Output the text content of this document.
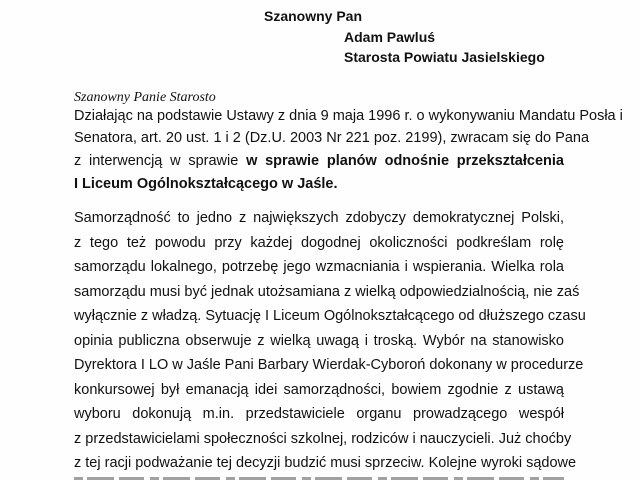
Szanowny Pan
Adam Pawluś
Starosta Powiatu Jasielskiego
Szanowny Panie Starosto
Działając na podstawie Ustawy z dnia 9 maja 1996 r. o wykonywaniu Mandatu Posła i
Senatora, art. 20 ust. 1 i 2 (Dz.U. 2003 Nr 221 poz. 2199), zwracam się do Pana
z interwencją w sprawie w sprawie planów odnośnie przekształcenia
I Liceum Ogólnokształcącego w Jaśle.
Samorządność to jedno z największych zdobyczy demokratycznej Polski,
z tego też powodu przy każdej dogodnej okoliczności podkreślam rolę
samorządu lokalnego, potrzebę jego wzmacniania i wspierania. Wielka rola
samorządu musi być jednak utożsamiana z wielką odpowiedzialnością, nie zaś
wyłącznie z władzą. Sytuację I Liceum Ogólnokształcącego od dłuższego czasu
opinia publiczna obserwuje z wielką uwagą i troską. Wybór na stanowisko
Dyrektora I LO w Jaśle Pani Barbary Wierdak-Cyboroń dokonany w procedurze
konkursowej był emanacją idei samorządności, bowiem zgodnie z ustawą
wyboru dokonują m.in. przedstawiciele organu prowadzącego wespół
z przedstawicielami społeczności szkolnej, rodziców i nauczycieli. Już choćby
z tej racji podważanie tej decyzji budzić musi sprzeciw. Kolejne wyroki sądowe
